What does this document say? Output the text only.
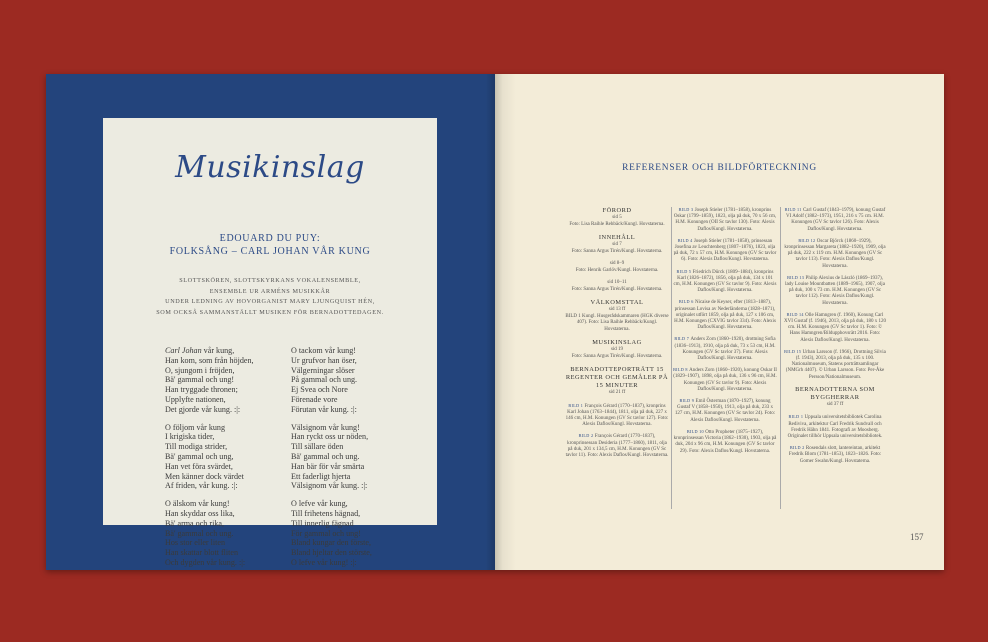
Musikinslag
EDOUARD DU PUY:
FOLKSÅNG – CARL JOHAN VÅR KUNG
SLOTTSKÖREN, SLOTTSKYRKANS VOKALENSEMBLE,
ENSEMBLE UR ARMÉNS MUSIKKÅR
UNDER LEDNING AV HOVORGANIST MARY LJUNGQUIST HÉN,
SOM OCKSÅ SAMMANSTÄLLT MUSIKEN FÖR BERNADOTTEDAGEN.
Carl Johan vår kung,
Han kom, som från höjden,
O, sjungom i fröjden,
Bä' gammal och ung!
Han tryggade thronen;
Upplyfte nationen,
Det gjorde vår kung. :|:
O följom vår kung
I krigiska tider,
Till modiga strider,
Bä' gammal och ung,
Han vet föra svärdet,
Men känner dock värdet
Af friden, vår kung. :|:
O älskom vår kung!
Han skyddar oss lika,
Bä' arma och rika,
Bä' gammal och ung.
Hos stor eller liten
Han skattar blott fliten
Och dygden vår kung. :|:
O tackom vår kung!
Ur grufvor han öser,
Välgerningar slöser
På gammal och ung.
Ej Svea och Nore
Förenade vore
Förutan vår kung. :|:
Välsignom vår kung!
Han ryckt oss ur nöden,
Till sällare öden
Bä' gammal och ung.
Han bär för vår smärta
Ett faderligt hjerta
Välsignom vår kung. :|:
O lefve vår kung,
Till frihetens hägnad,
Till innerlig fägnad
För gammal och ung!
Bland kungar den förste,
Bland hjeltar den störste,
O lefve vår kung! :|:
REFERENSER OCH BILDFÖRTECKNING
FÖRORD
sid 5
Foto: Lisa Raihle Rehbäck/Kungl. Hovstaterna.
INNEHÅLL
sid 7
Foto: Sanna Argus Tirén/Kungl. Hovstaterna.
sid 8–9
Foto: Henrik Garlöv/Kungl. Hovstaterna.
sid 10–11
Foto: Sanna Argus Tirén/Kungl. Hovstaterna.
VÄLKOMSTTAL
sid 13 ff
BILD 1 Kungl. Husgerådskammaren (HGK diverse 407). Foto: Lisa Raihle Rehbäck/Kungl. Hovstaterna.
MUSIKINSLAG
sid 19
Foto: Sanna Argus Tirén/Kungl. Hovstaterna.
BERNADOTTEPORTRÄTT 15 REGENTER OCH GEMÅLER PÅ 15 MINUTER
sid 21 ff
BILD 1 François Gérard (1770–1837), kronprins Karl Johan (1763–1844), 1811, olja på duk, 227 x 146 cm, H.M. Konungen (GV Sc tavlor 127). Foto: Alexis Daflos/Kungl. Hovstaterna.
BILD 2 François Gérard (1770–1837), kronprinsessan Desideria (1777–1860), 1811, olja på duk, 201 x 134,5 cm, H.M. Konungen (GV Sc tavlor 11). Foto: Alexis Daflos/Kungl. Hovstaterna.
BILD 3 Joseph Stieler (1781–1858), kronprins Oskar (1799–1859), 1823, olja på duk, 70 x 56 cm, H.M. Konungen (OII Sc tavlor 130). Foto: Alexis Daflos/Kungl. Hovstaterna.
BILD 4 Joseph Stieler (1781–1858), prinsessan Josefina av Leuchtenberg (1807–1876), 1823, olja på duk, 72 x 57 cm, H.M. Konungen (GV Sc tavlor 6). Foto: Alexis Daflos/Kungl. Hovstaterna.
BILD 5 Friedrich Dürck (1809–1884), kronprins Karl (1826–1872), 1856, olja på duk, 134 x 101 cm, H.M. Konungen (GV Sc tavlor 9). Foto: Alexis Daflos/Kungl. Hovstaterna.
BILD 6 Nicaise de Keyser, efter (1813–1887), prinsessan Lovisa av Nederländerna (1828–1871), originalet utfört 1859, olja på duk, 127 x 106 cm, H.M. Konungen (CXVIG tavlor 334). Foto: Alexis Daflos/Kungl. Hovstaterna.
BILD 7 Anders Zorn (1860–1920), drottning Sofia (1836–1913), 1910, olja på duk, 73 x 53 cm, H.M. Konungen (GV Sc tavlor 37). Foto: Alexis Daflos/Kungl. Hovstaterna.
BILD 8 Anders Zorn (1860–1920), konung Oskar II (1829–1907), 1898, olja på duk, 136 x 96 cm, H.M. Konungen (GV Sc tavlor 9). Foto: Alexis Daflos/Kungl. Hovstaterna.
BILD 9 Emil Österman (1870–1927), konung Gustaf V (1858–1950), 1913, olja på duk, 233 x 127 cm, H.M. Konungen (GV Sc tavlor 24). Foto: Alexis Daflos/Kungl. Hovstaterna.
BILD 10 Otto Propheter (1875–1927), kronprinsessan Victoria (1862–1930), 1903, olja på duk, 204 x 96 cm, H.M. Konungen (GV Sc tavlor 29). Foto: Alexis Daflos/Kungl. Hovstaterna.
BILD 11 Carl Gustaf (1843–1979), konung Gustaf VI Adolf (1882–1973), 1951, 216 x 75 cm. H.M. Konungen (GV Sc tavlor 126). Foto: Alexis Daflos/Kungl. Hovstaterna.
BILD 12 Oscar Björck (1860–1929), kronprinsessan Margareta (1882–1920), 1909, olja på duk, 222 x 119 cm. H.M. Konungen (GV Sc tavlor 113). Foto: Alexis Daflos/Kungl. Hovstaterna.
BILD 13 Philip Alexius de László (1869–1937), lady Louise Mountbatten (1889–1965), 1907, olja på duk, 100 x 73 cm. H.M. Konungen (GV Sc tavlor 112). Foto: Alexis Daflos/Kungl. Hovstaterna.
BILD 14 Olle Hamngren (f. 1960), Konung Carl XVI Gustaf (f. 1946), 2013, olja på duk, 180 x 120 cm. H.M. Konungen (GV Sc tavlor 1). Foto: © Hans Hamngren/Bildupphovsrätt 2016. Foto: Alexis Daflos/Kungl. Hovstaterna.
BILD 15 Urban Larsson (f. 1966), Drottning Silvia (f. 1943), 2013, olja på duk, 135 x 100. Nationalmuseum, Statens porträttsamlingar (NMGrh 4407). © Urban Larsson. Foto: Per-Åke Persson/Nationalmuseum.
BERNADOTTERNA SOM BYGGHERRAR
sid 37 ff
BILD 1 Uppsala universitetsbibliotek Carolina Rediviva, arkitektur Carl Fredrik Sundvall och Fredrik Hähn 1841. Fotografi av Moosberg. Originalet tillhör Uppsala universitetsbibliotek.
BILD 2 Rosendals slott, lantereintan, arkitekt Fredrik Blom (1781–1853), 1823–1826. Foto: Gomer Swahn/Kungl. Hovstaterna.
157
